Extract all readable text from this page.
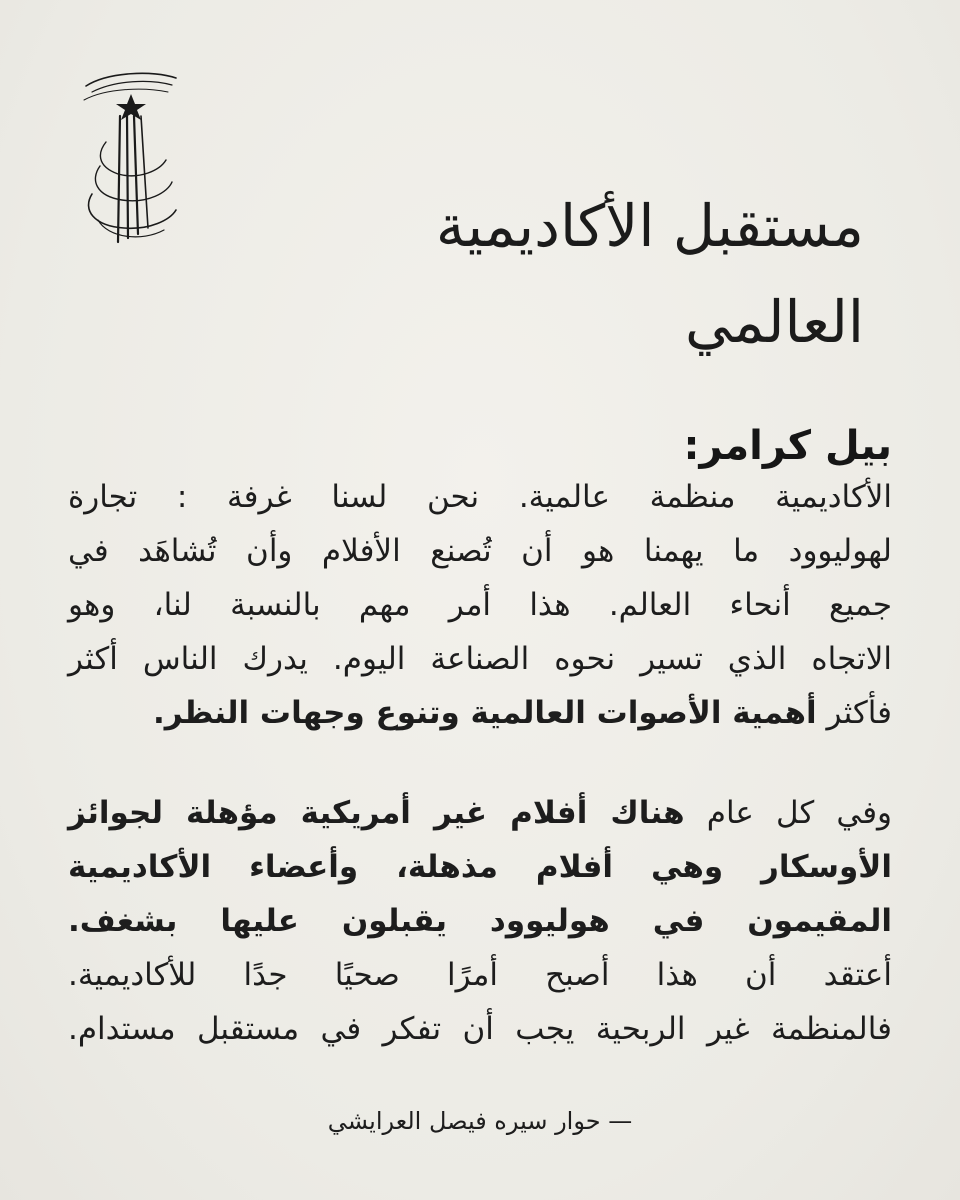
مستقبل الأكاديمية
العالمي
بيل كرامر:

الأكاديمية منظمة عالمية. نحن لسنا غرفة : تجارة
لهوليوود ما يهمنا هو أن تُصنع الأفلام وأن تُشاهَد في
جميع أنحاء العالم. هذا أمر مهم بالنسبة لنا، وهو
الاتجاه الذي تسير نحوه الصناعة اليوم. يدرك الناس أكثر
فأكثر أهمية الأصوات العالمية وتنوع وجهات النظر.

وفي كل عام هناك أفلام غير أمريكية مؤهلة لجوائز
الأوسكار وهي أفلام مذهلة، وأعضاء الأكاديمية
المقيمون في هوليوود يقبلون عليها بشغف.
أعتقد أن هذا أصبح أمرًا صحيًا جدًا للأكاديمية.
فالمنظمة غير الربحية يجب أن تفكر في مستقبل مستدام.

— حوار سيره فيصل العرايشي
